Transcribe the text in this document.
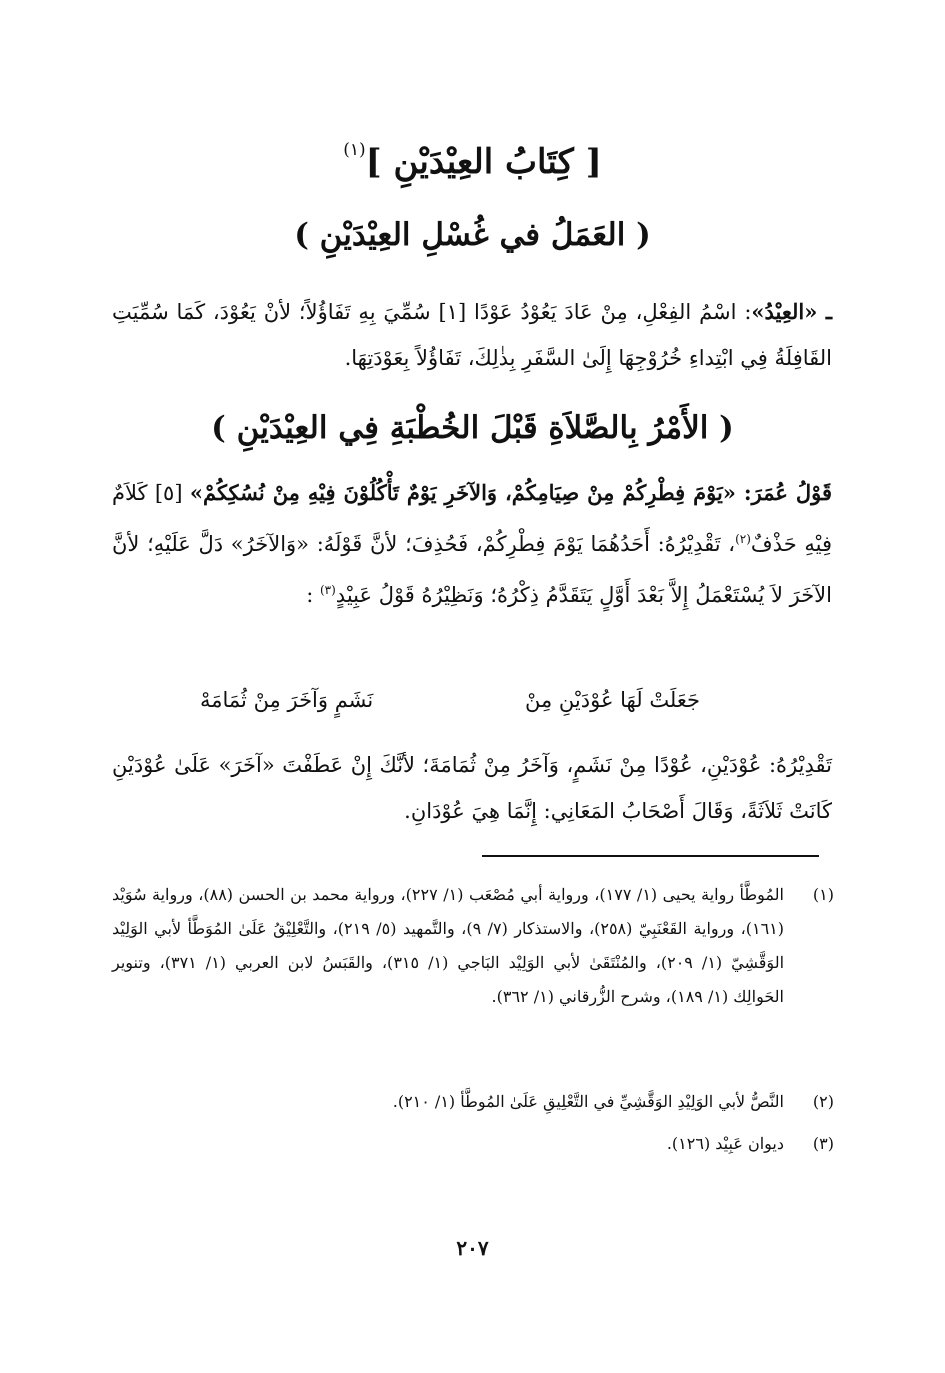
[ كِتَابُ العِيْدَيْنِ ]$^{(١)}$
( العَمَلُ في غُسْلِ العِيْدَيْنِ )

ـ «العِيْدُ»: اسْمُ الفِعْلِ، مِنْ عَادَ يَعُوْدُ عَوْدًا [١] سُمِّيَ بِهِ تَفَاؤُلاً؛ لأنْ يَعُوْدَ، كَمَا سُمِّيَتِ القَافِلَةُ فِي ابْتِداءِ خُرُوْجِهَا إِلَىٰ السَّفَرِ بِذٰلِكَ، تَفَاؤُلاً بِعَوْدَتِهَا.

( الأَمْرُ بِالصَّلاَةِ قَبْلَ الخُطْبَةِ فِي العِيْدَيْنِ )

قَوْلُ عُمَرَ: «يَوْمَ فِطْرِكُمْ مِنْ صِيَامِكُمْ، وَالآخَرِ يَوْمٌ تَأْكُلُوْنَ فِيْهِ مِنْ نُسُكِكُمْ» [٥] كَلاَمٌ فِيْهِ حَذْفٌ$^{(٢)}$، تَقْدِيْرُهُ: أَحَدُهُمَا يَوْمَ فِطْرِكُمْ، فَحُذِفَ؛ لأنَّ قَوْلَهُ: «وَالآخَرُ» دَلَّ عَلَيْهِ؛ لأنَّ الآخَرَ لاَ يُسْتَعْمَلُ إِلاَّ بَعْدَ أَوَّلٍ يَتَقَدَّمُ ذِكْرُهُ؛ وَنَظِيْرُهُ قَوْلُ عَبِيْدٍ$^{(٣)}$ :

جَعَلَتْ لَهَا عُوْدَيْنِ مِنْ
نَشَمٍ وَآخَرَ مِنْ ثُمَامَهْ

تَقْدِيْرُهُ: عُوْدَيْنِ، عُوْدًا مِنْ نَشَمٍ، وَآخَرُ مِنْ ثُمَامَةَ؛ لأنَّكَ إِنْ عَطَفْتَ «آخَرَ» عَلَىٰ عُوْدَيْنِ كَانَتْ ثَلاَثَةً، وَقَالَ أَصْحَابُ المَعَانِي: إِنَّمَا هِيَ عُوْدَانِ.

(١)
المُوطَّأ رواية يحيى (١/ ١٧٧)، ورواية أبي مُصْعَب (١/ ٢٢٧)، ورواية محمد بن الحسن (٨٨)، ورواية سُوَيْد (١٦١)، ورواية القَعْنَبِيّ (٢٥٨)، والاستذكار (٧/ ٩)، والتَّمهيد (٥/ ٢١٩)، والتَّعْلِيْقُ عَلَىٰ المُوَطَّأ لأبي الوَلِيْد الوَقَّشِيّ (١/ ٢٠٩)، والمُنْتَقَىٰ لأبي الوَلِيْد البَاجي (١/ ٣١٥)، والقَبَسُ لابن العربي (١/ ٣٧١)، وتنوير الحَوالِك (١/ ١٨٩)، وشرح الزُّرقاني (١/ ٣٦٢).
(٢)
النَّصُّ لأبي الوَلِيْدِ الوَقَّشِيِّ في التَّعْلِيقِ عَلَىٰ المُوطَّأ (١/ ٢١٠).
(٣)
ديوان عَبِيْد (١٢٦).
٢٠٧
